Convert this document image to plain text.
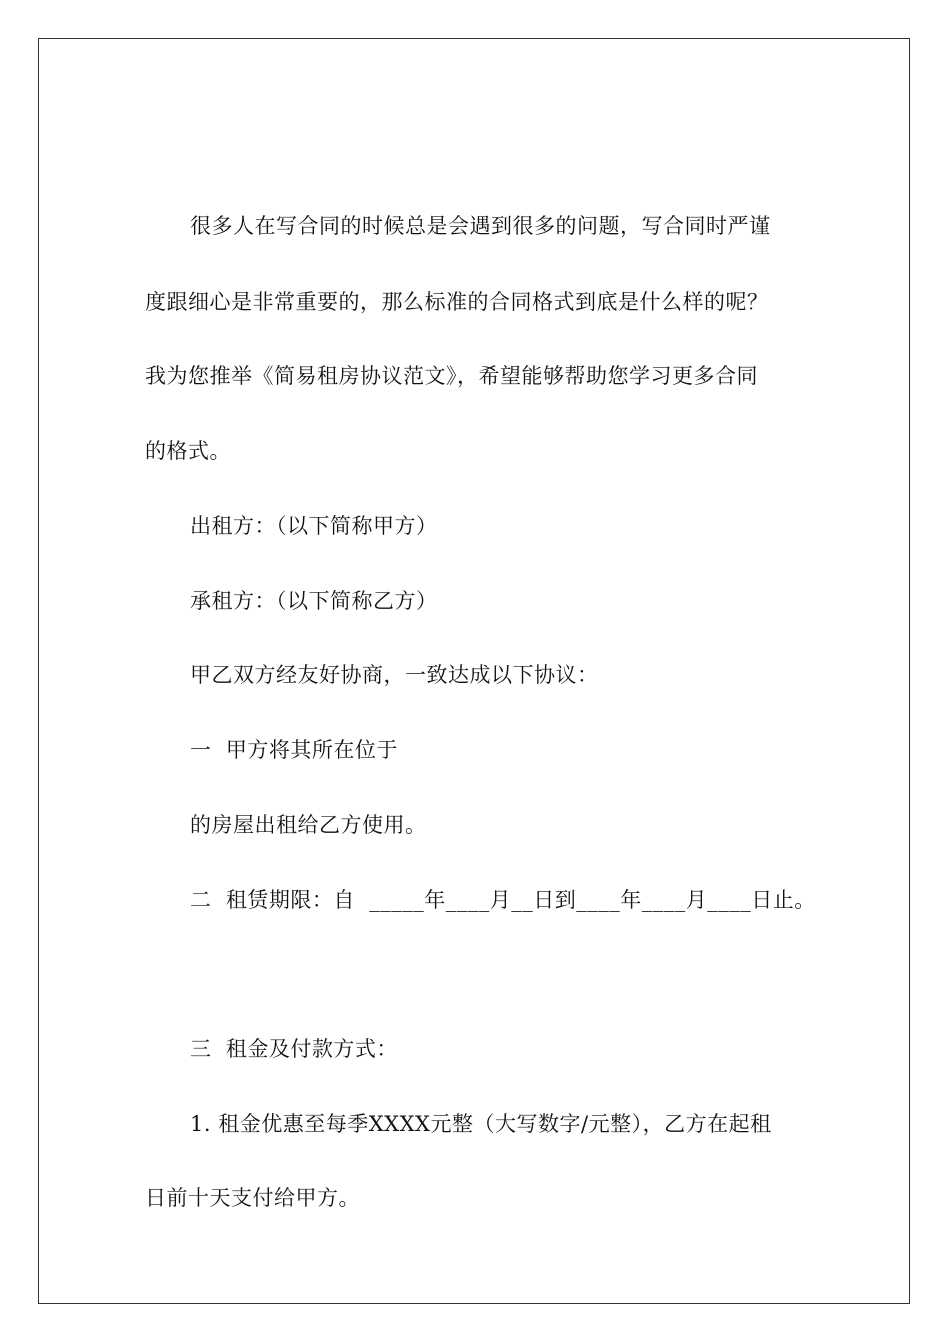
很多人在写合同的时候总是会遇到很多的问题，写合同时严谨
度跟细心是非常重要的，那么标准的合同格式到底是什么样的呢？
我为您推举《简易租房协议范文》，希望能够帮助您学习更多合同
的格式。
出租方：（以下简称甲方）
承租方：（以下简称乙方）
甲乙双方经友好协商，一致达成以下协议：
一  甲方将其所在位于
的房屋出租给乙方使用。
二  租赁期限：自  _____年____月__日到____年____月____日止。
三  租金及付款方式：
1. 租金优惠至每季XXXX元整（大写数字/元整），乙方在起租
日前十天支付给甲方。
